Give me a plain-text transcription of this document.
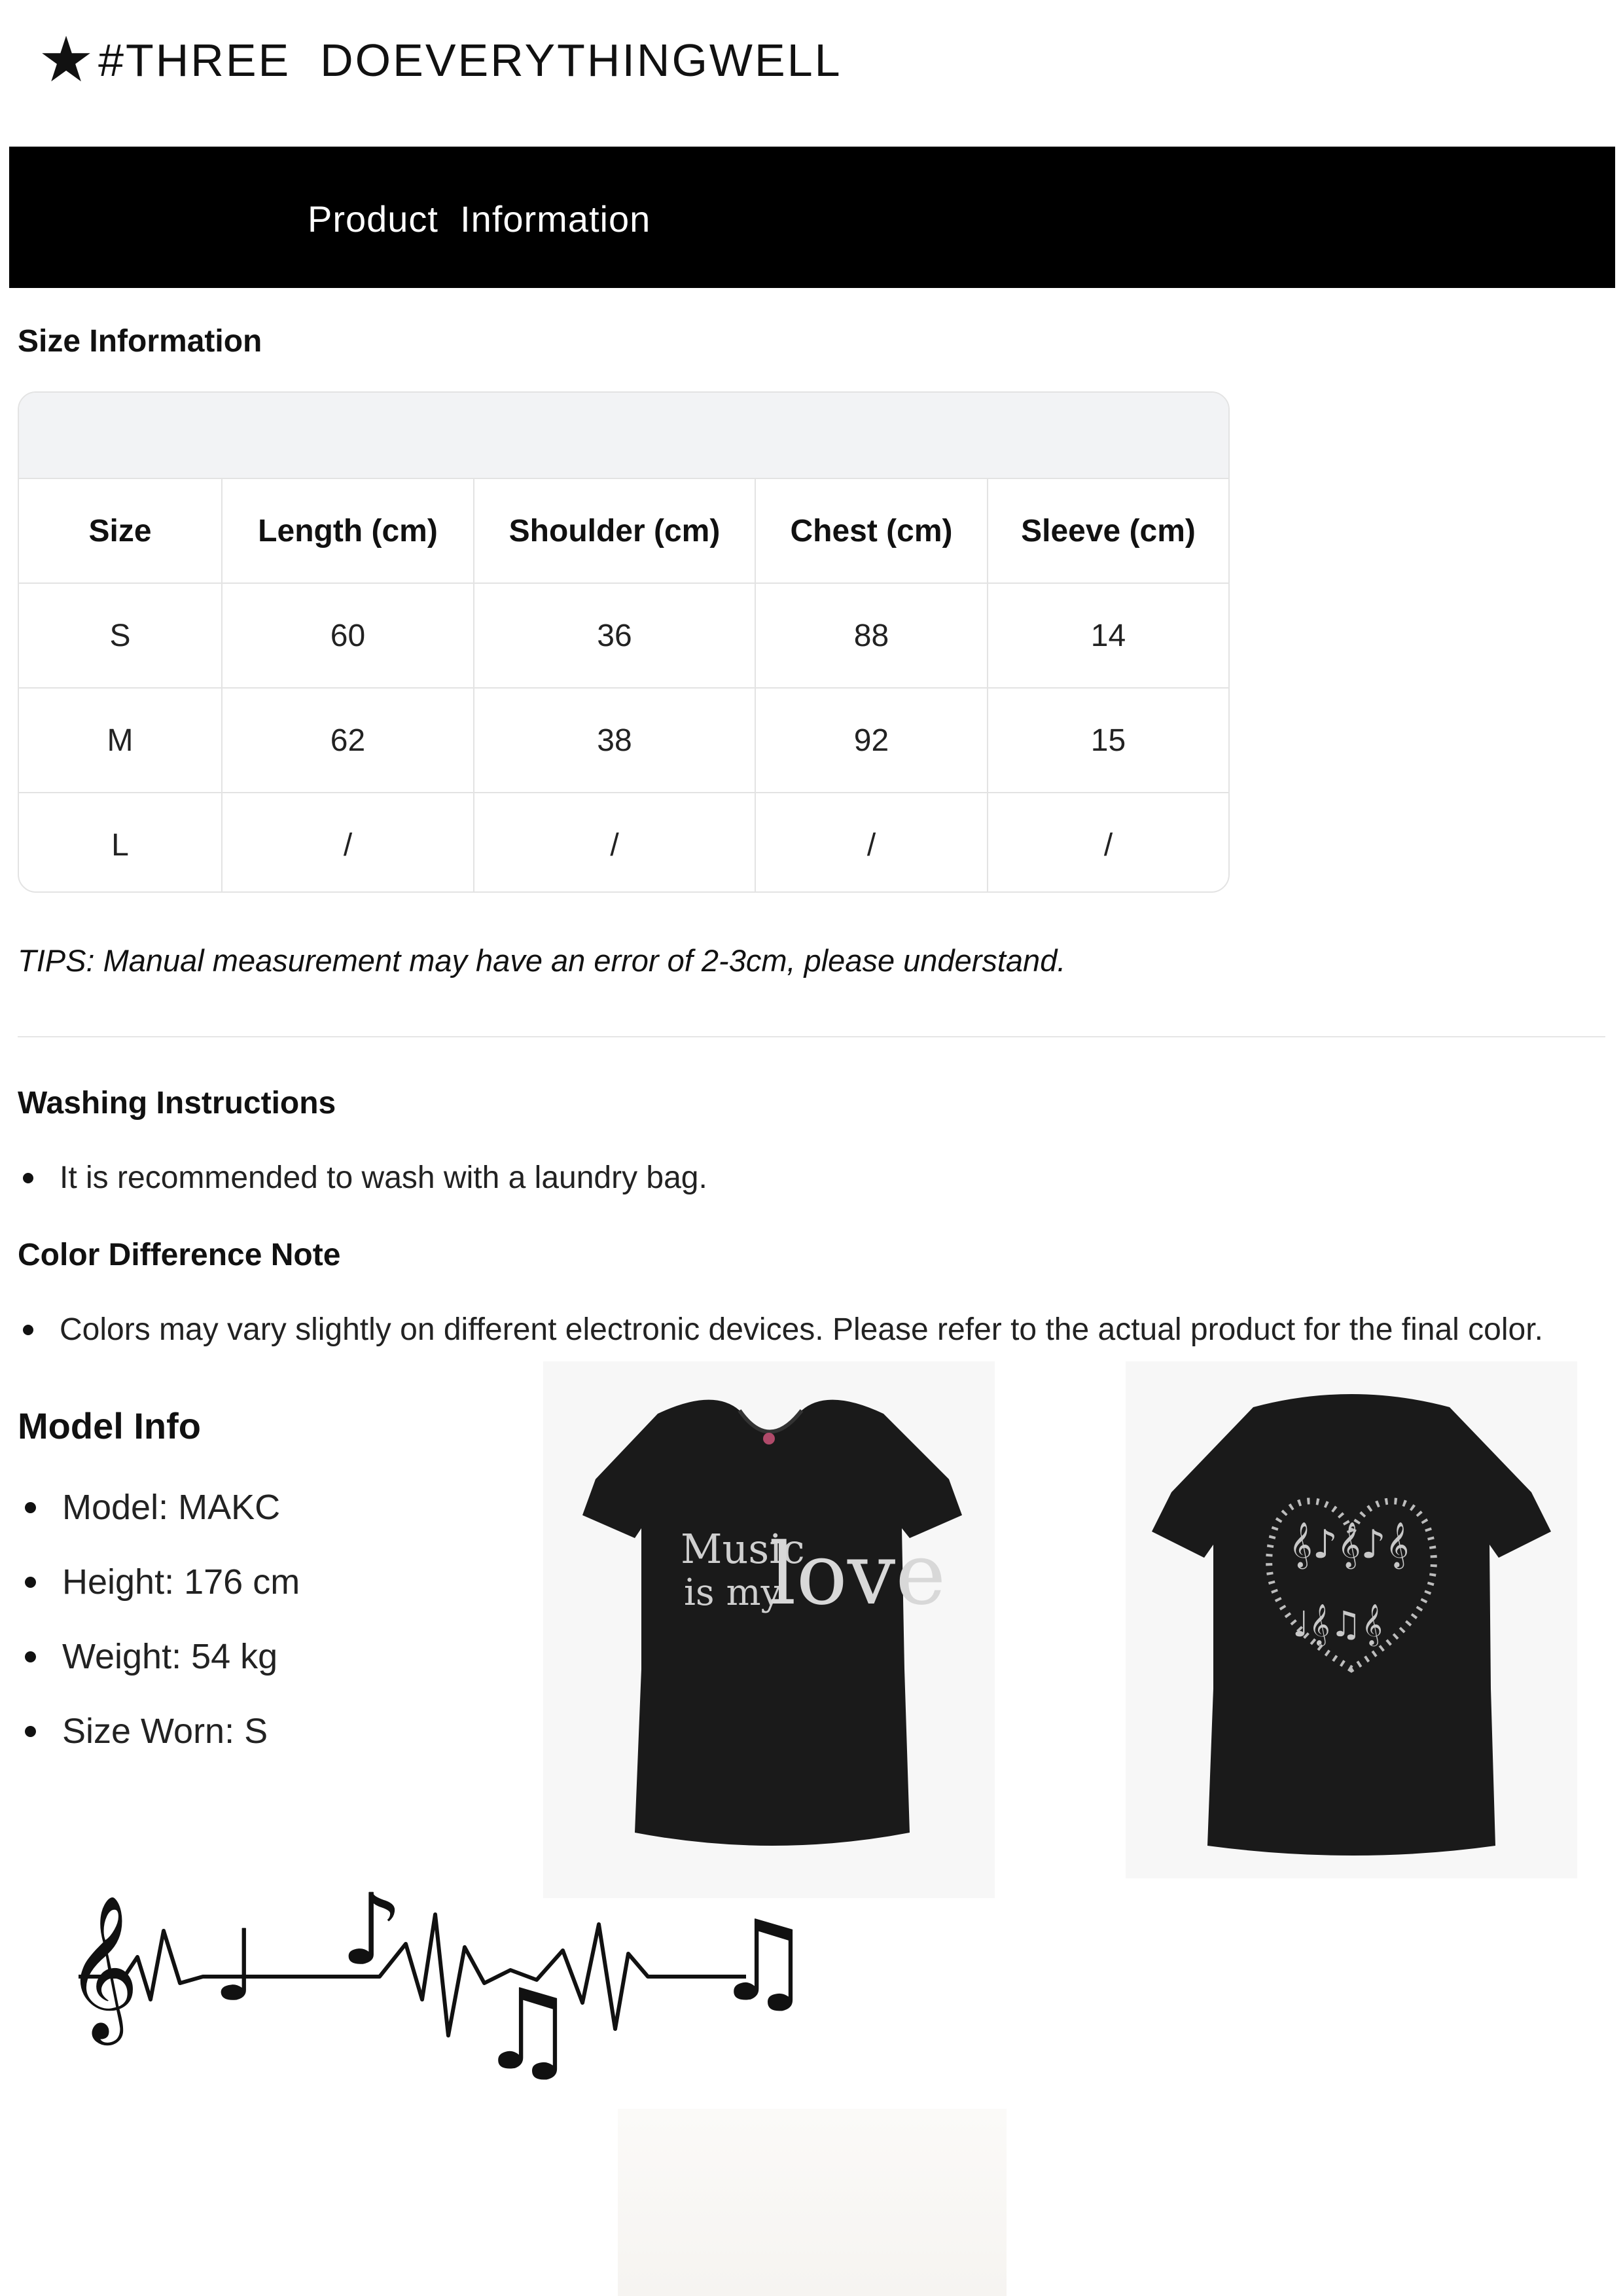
★ #THREE  DOEVERYTHINGWELL
Product  Information
Size Information
Size	Length (cm)	Shoulder (cm)	Chest (cm)	Sleeve (cm)
S	60	36	88	14
M	62	38	92	15
L	/	/	/	/
TIPS: Manual measurement may have an error of 2-3cm, please understand.
Washing Instructions
It is recommended to wash with a laundry bag.
Color Difference Note
Colors may vary slightly on different electronic devices. Please refer to the actual product for the final color.
Model Info
Model: MAKC
Height: 176 cm
Weight: 54 kg
Size Worn: S
Music
is my
love	𝄞♪𝄞♪𝄞
♩𝄞♫𝄞
𝄞 ♩ ♪
♫
♫
